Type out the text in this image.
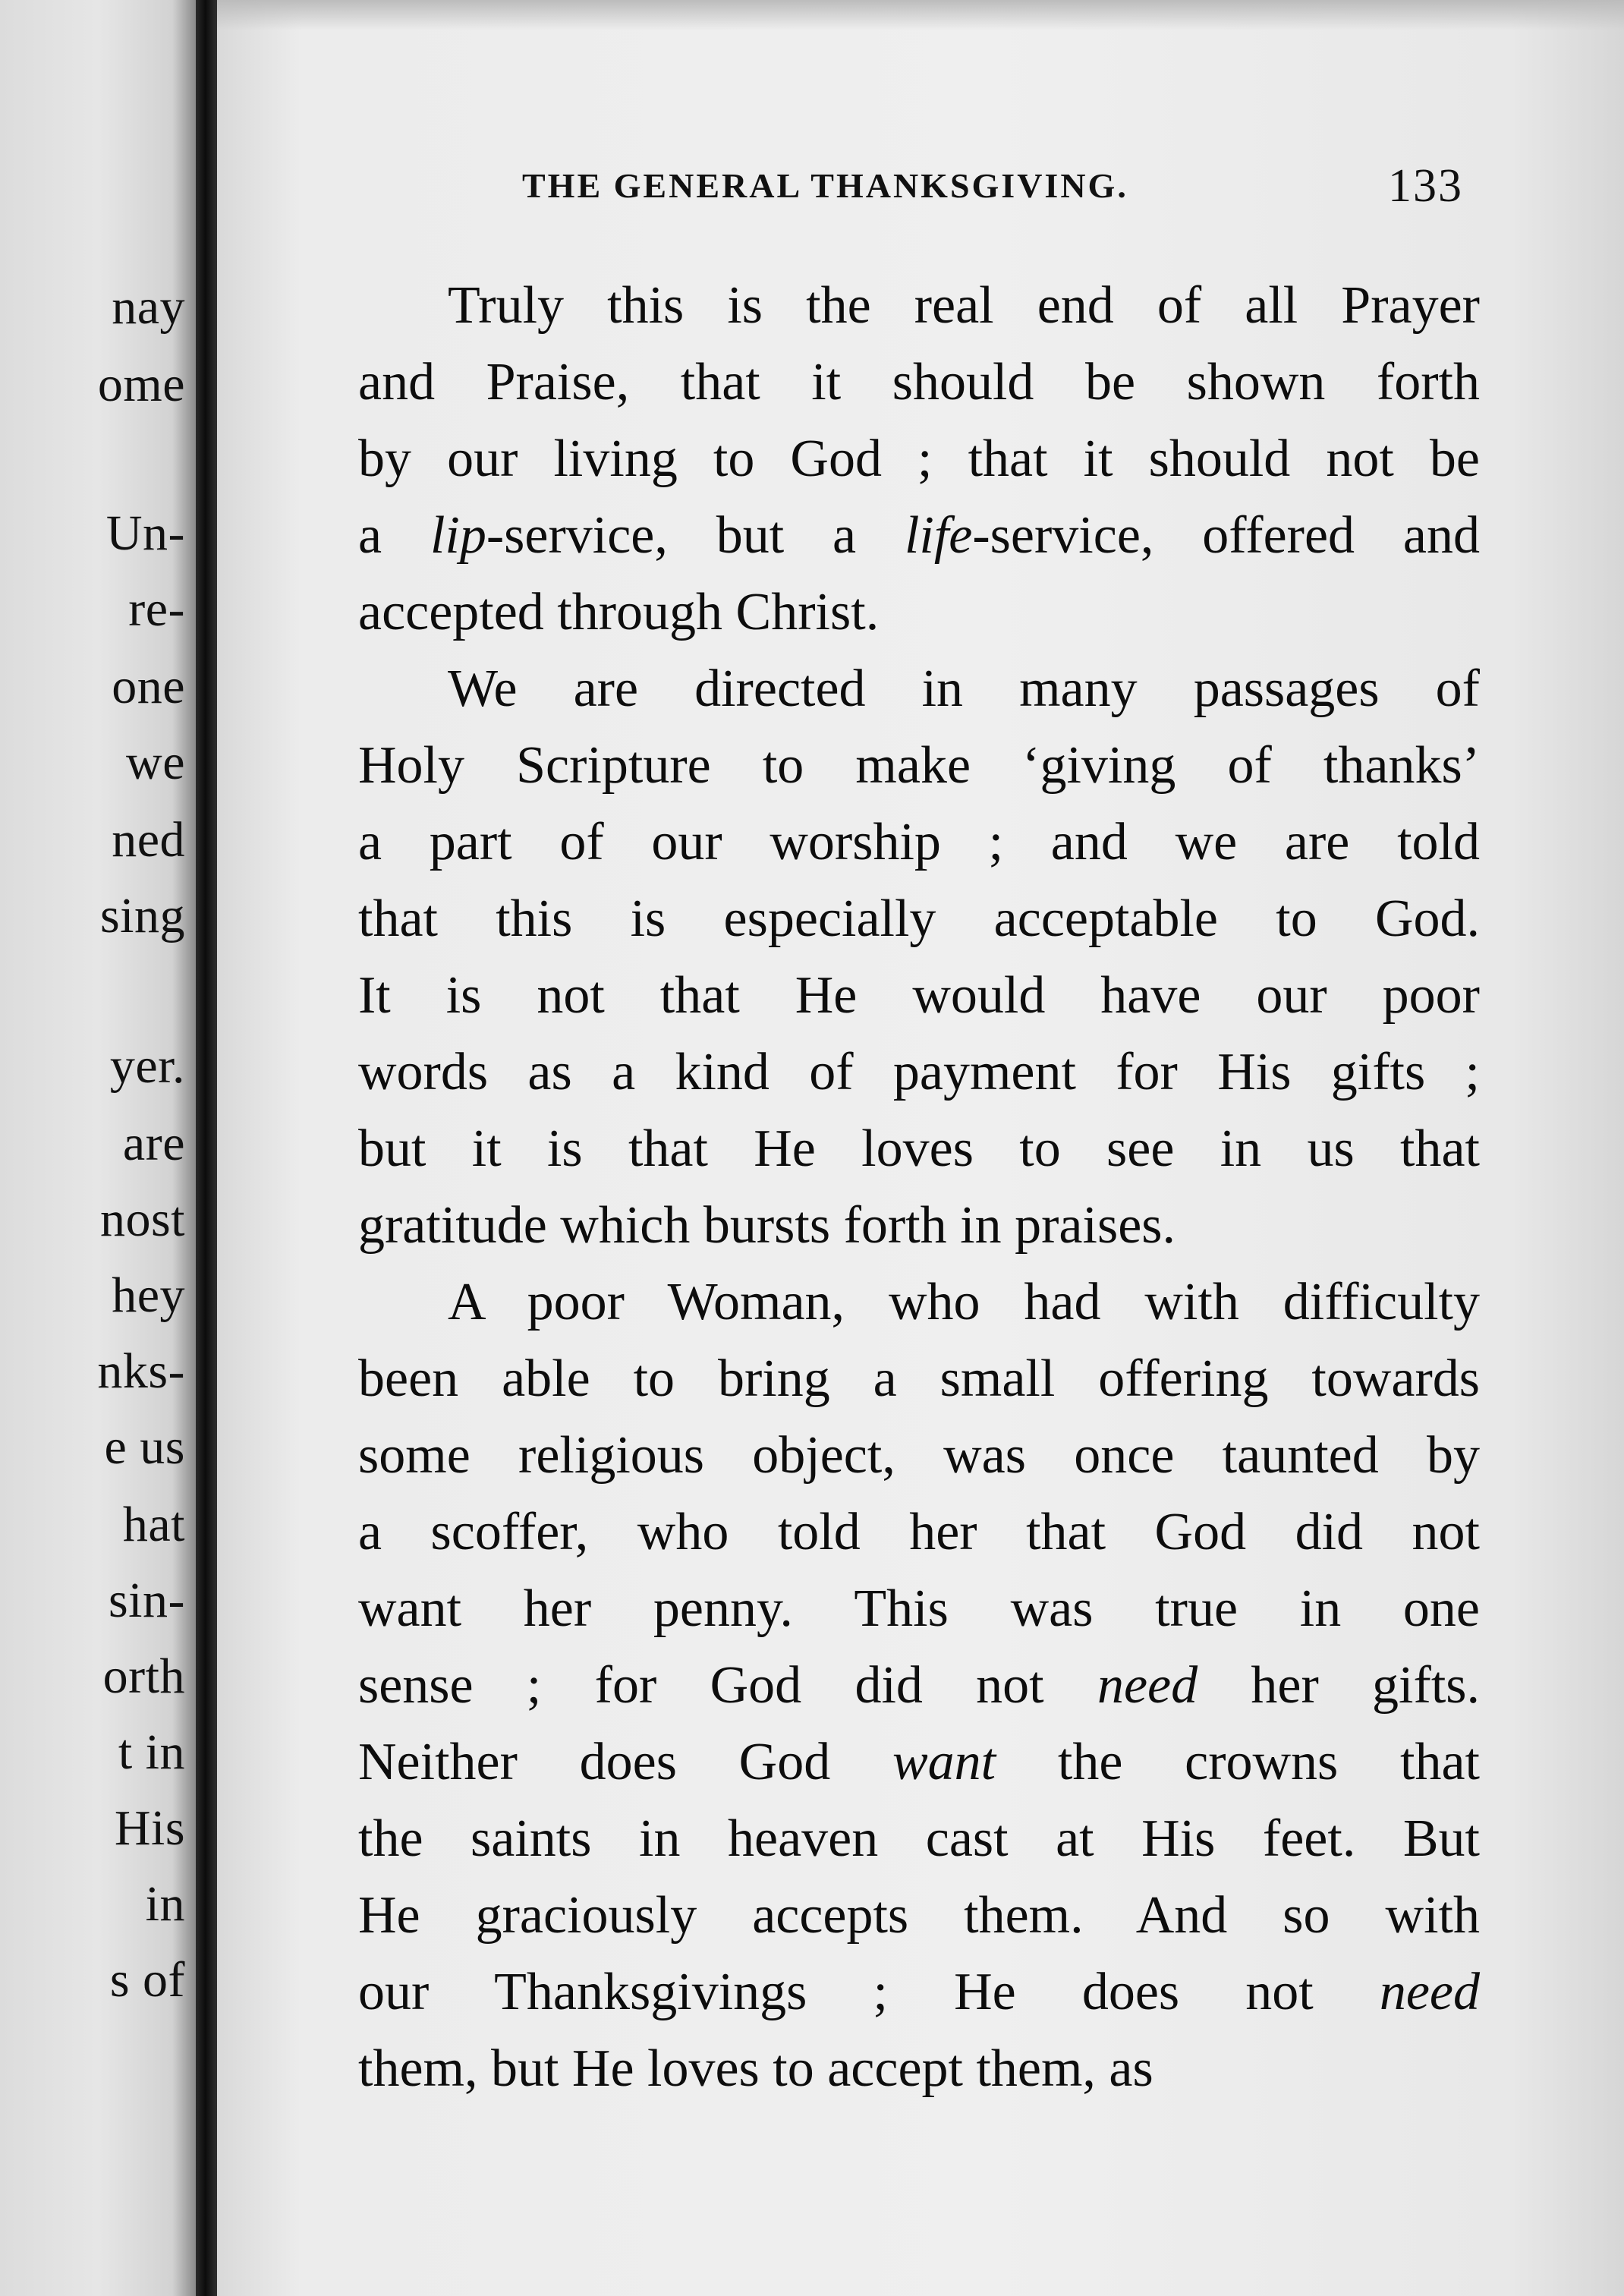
nay
ome
Un-
re-
one
we
ned
sing
yer.
are
nost
hey
nks-
e us
hat
sin-
orth
t in
His
in
s of
THE GENERAL THANKSGIVING.	133
Truly this is the real end of all Prayer
and Praise, that it should be shown forth
by our living to God ; that it should not be
a lip-service, but a life-service, offered and
accepted through Christ.
We are directed in many passages of
Holy Scripture to make ‘giving of thanks’
a part of our worship ; and we are told
that this is especially acceptable to God.
It is not that He would have our poor
words as a kind of payment for His gifts ;
but it is that He loves to see in us that
gratitude which bursts forth in praises.
A poor Woman, who had with difficulty
been able to bring a small offering towards
some religious object, was once taunted by
a scoffer, who told her that God did not
want her penny. This was true in one
sense ; for God did not need her gifts.
Neither does God want the crowns that
the saints in heaven cast at His feet. But
He graciously accepts them. And so with
our Thanksgivings ; He does not need
them, but He loves to accept them, as
